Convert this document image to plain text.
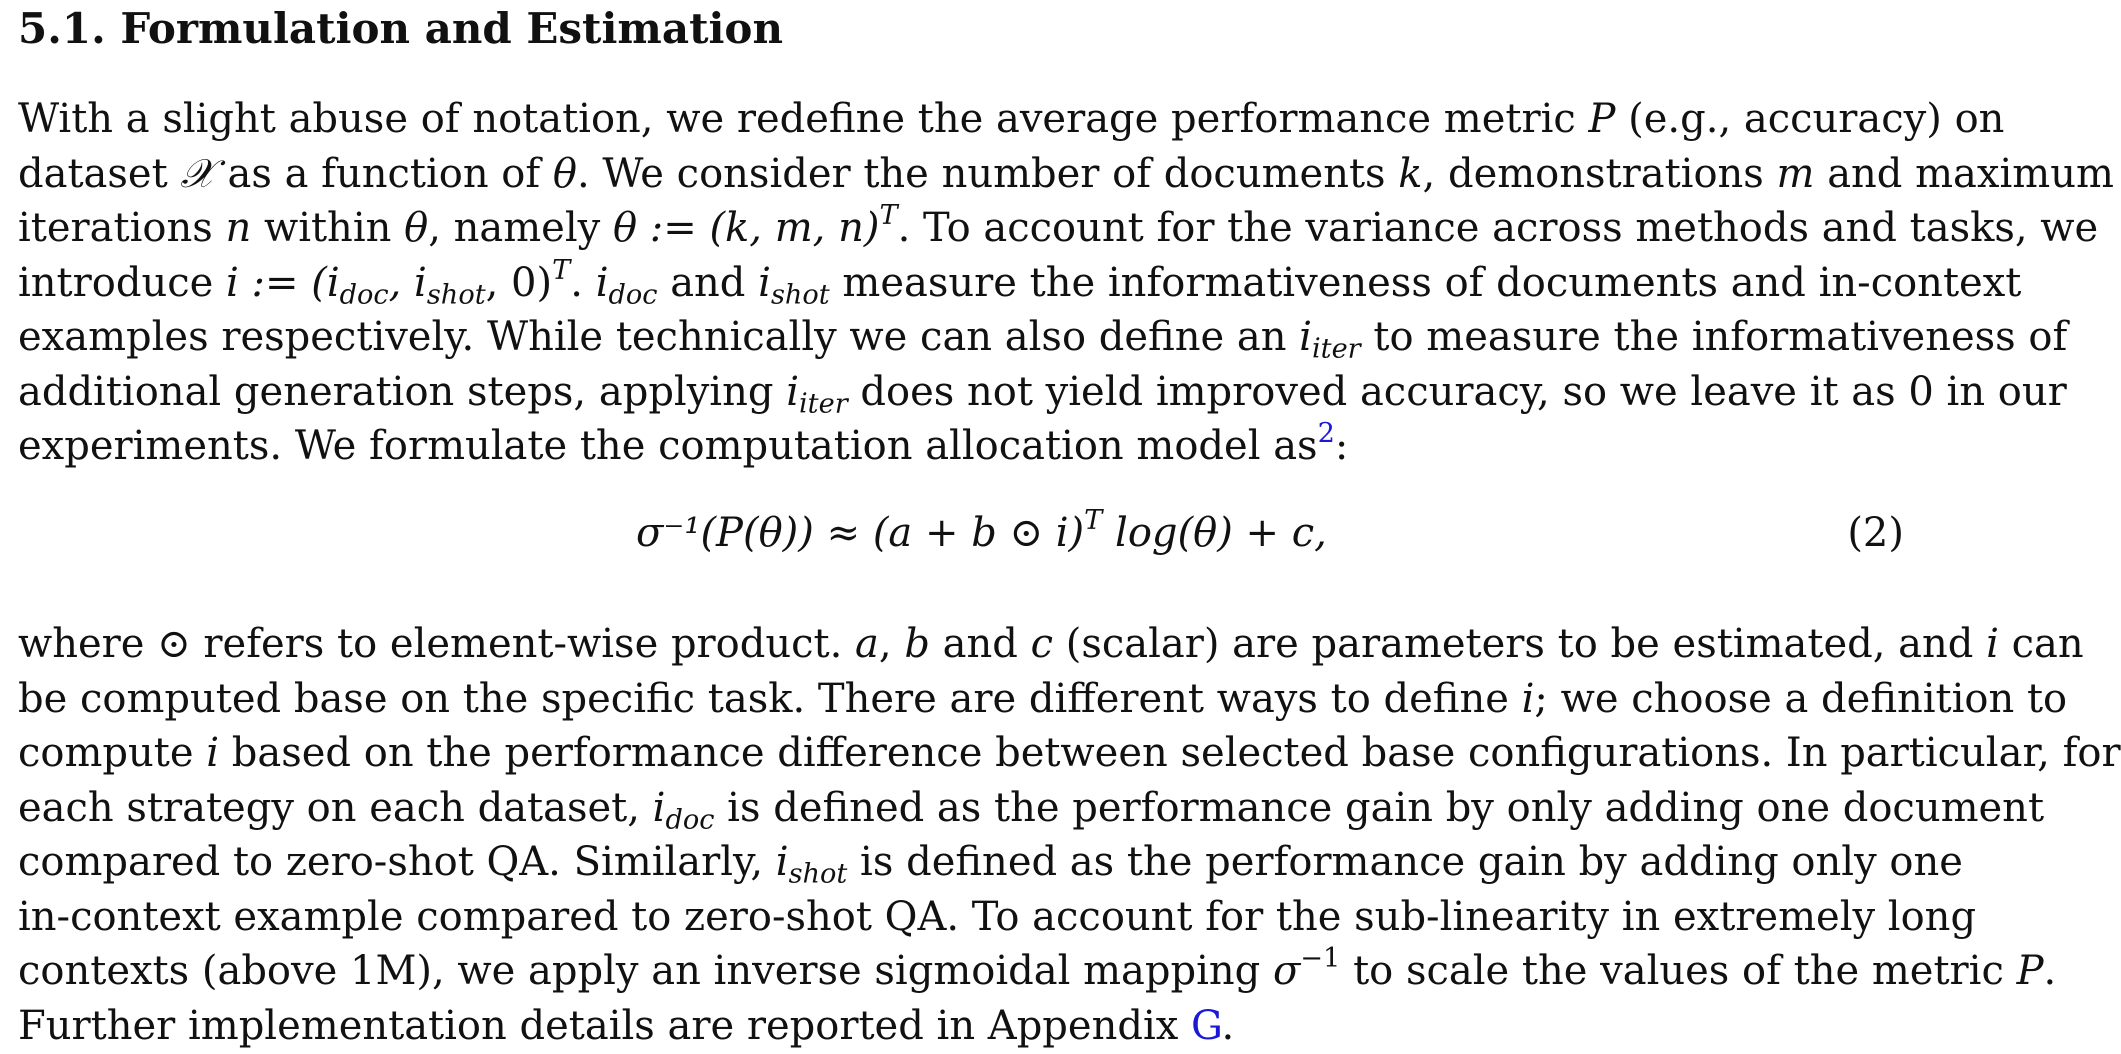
5.1. Formulation and Estimation

With a slight abuse of notation, we redefine the average performance metric P (e.g., accuracy) on
dataset 𝒳 as a function of θ. We consider the number of documents k, demonstrations m and maximum
iterations n within θ, namely θ := (k, m, n)$^T$. To account for the variance across methods and tasks, we
introduce i := ($i_{doc}$, $i_{shot}$, 0)$^T$. $i_{doc}$ and $i_{shot}$ measure the informativeness of documents and in-context
examples respectively. While technically we can also define an $i_{iter}$ to measure the informativeness of
additional generation steps, applying $i_{iter}$ does not yield improved accuracy, so we leave it as 0 in our
experiments. We formulate the computation allocation model as$^2$:

σ⁻¹(P(θ)) ≈ (a + b ⊙ i)$^T$ log(θ) + c,	(2)

where ⊙ refers to element-wise product. a, b and c (scalar) are parameters to be estimated, and i can
be computed base on the specific task. There are different ways to define i; we choose a definition to
compute i based on the performance difference between selected base configurations. In particular, for
each strategy on each dataset, $i_{doc}$ is defined as the performance gain by only adding one document
compared to zero-shot QA. Similarly, $i_{shot}$ is defined as the performance gain by adding only one
in-context example compared to zero-shot QA. To account for the sub-linearity in extremely long
contexts (above 1M), we apply an inverse sigmoidal mapping $\sigma^{-1}$ to scale the values of the metric P.
Further implementation details are reported in Appendix G.
